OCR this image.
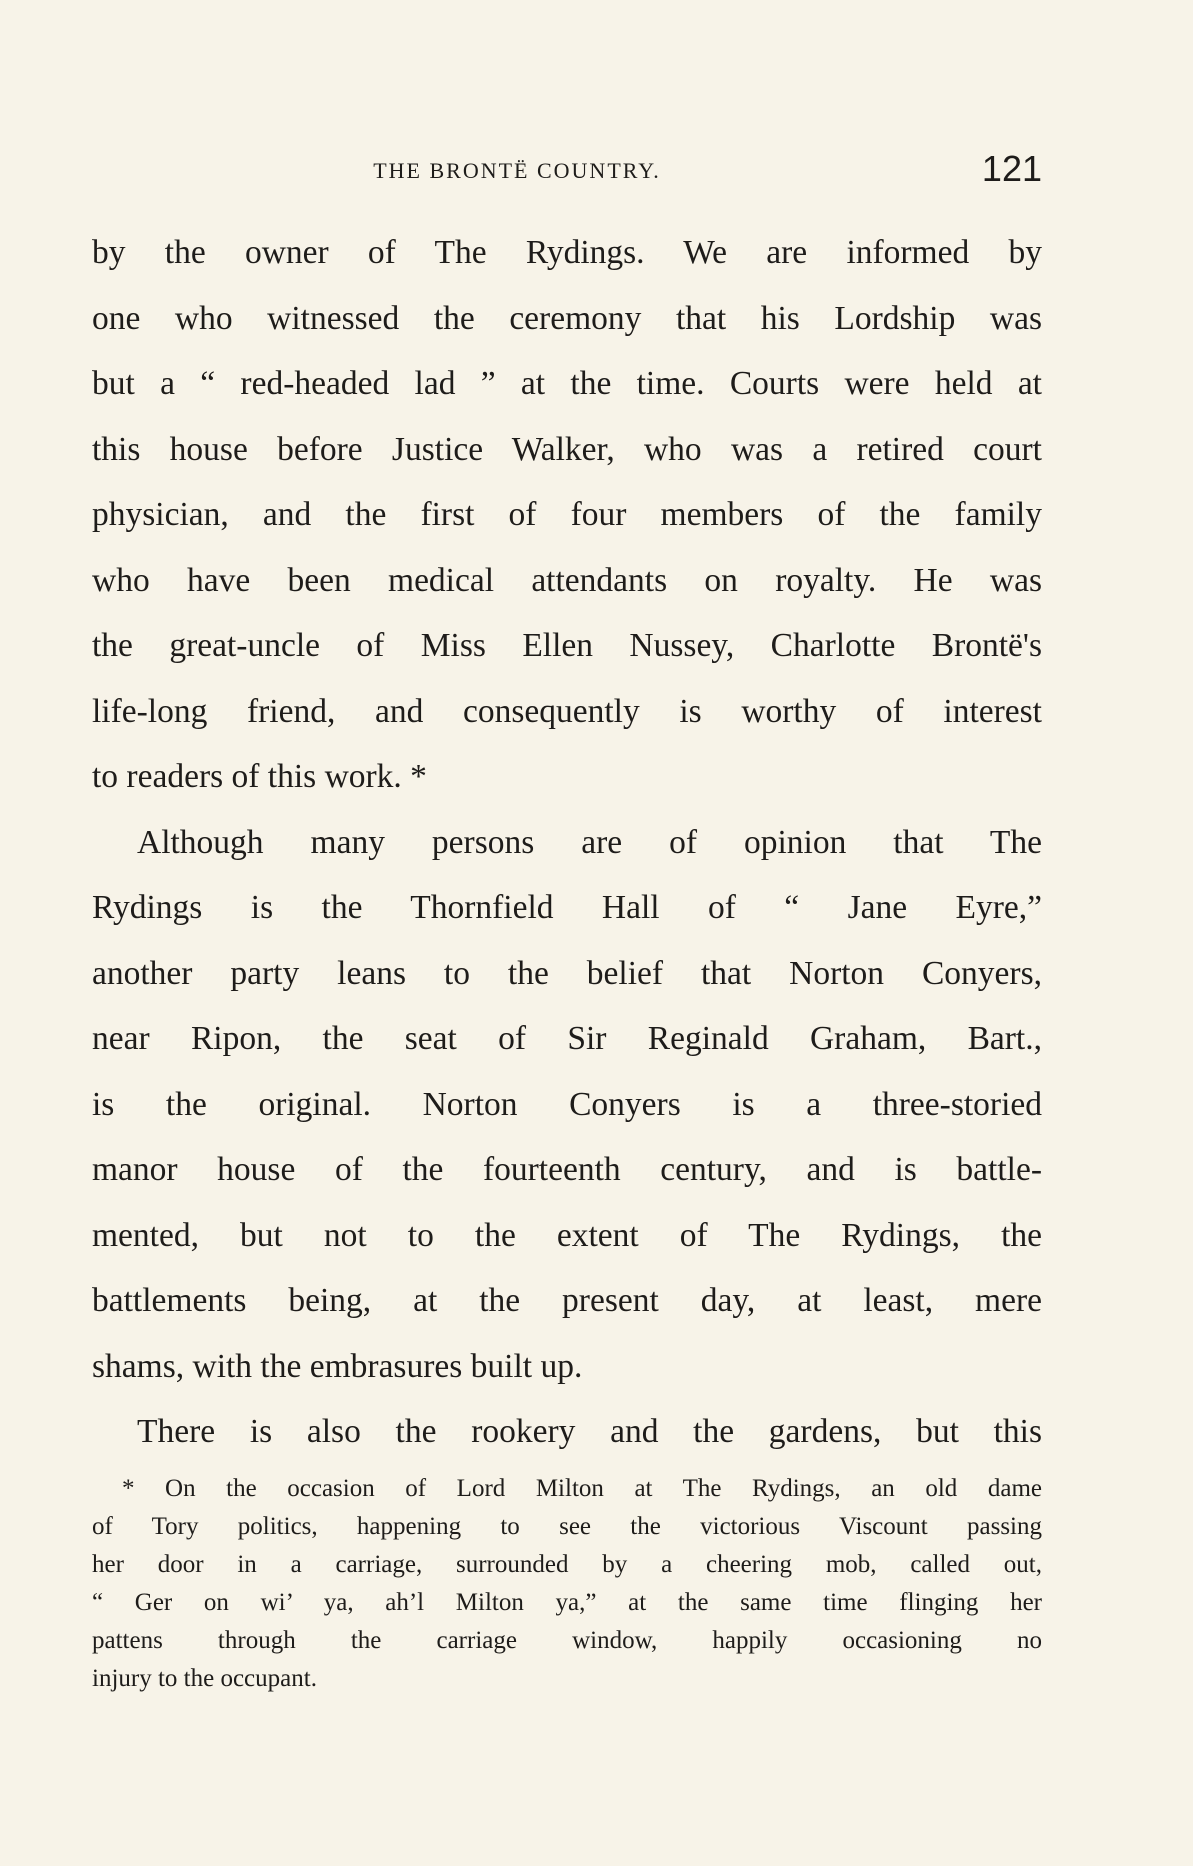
THE BRONTË COUNTRY.	121
by the owner of The Rydings. We are informed by
one who witnessed the ceremony that his Lordship was
but a “ red-headed lad ” at the time. Courts were held at
this house before Justice Walker, who was a retired court
physician, and the first of four members of the family
who have been medical attendants on royalty. He was
the great-uncle of Miss Ellen Nussey, Charlotte Brontë's
life-long friend, and consequently is worthy of interest
to readers of this work. *
Although many persons are of opinion that The
Rydings is the Thornfield Hall of “ Jane Eyre,”
another party leans to the belief that Norton Conyers,
near Ripon, the seat of Sir Reginald Graham, Bart.,
is the original. Norton Conyers is a three-storied
manor house of the fourteenth century, and is battle-
mented, but not to the extent of The Rydings, the
battlements being, at the present day, at least, mere
shams, with the embrasures built up.
There is also the rookery and the gardens, but this
* On the occasion of Lord Milton at The Rydings, an old dame
of Tory politics, happening to see the victorious Viscount passing
her door in a carriage, surrounded by a cheering mob, called out,
“ Ger on wi’ ya, ah’l Milton ya,” at the same time flinging her
pattens through the carriage window, happily occasioning no
injury to the occupant.
